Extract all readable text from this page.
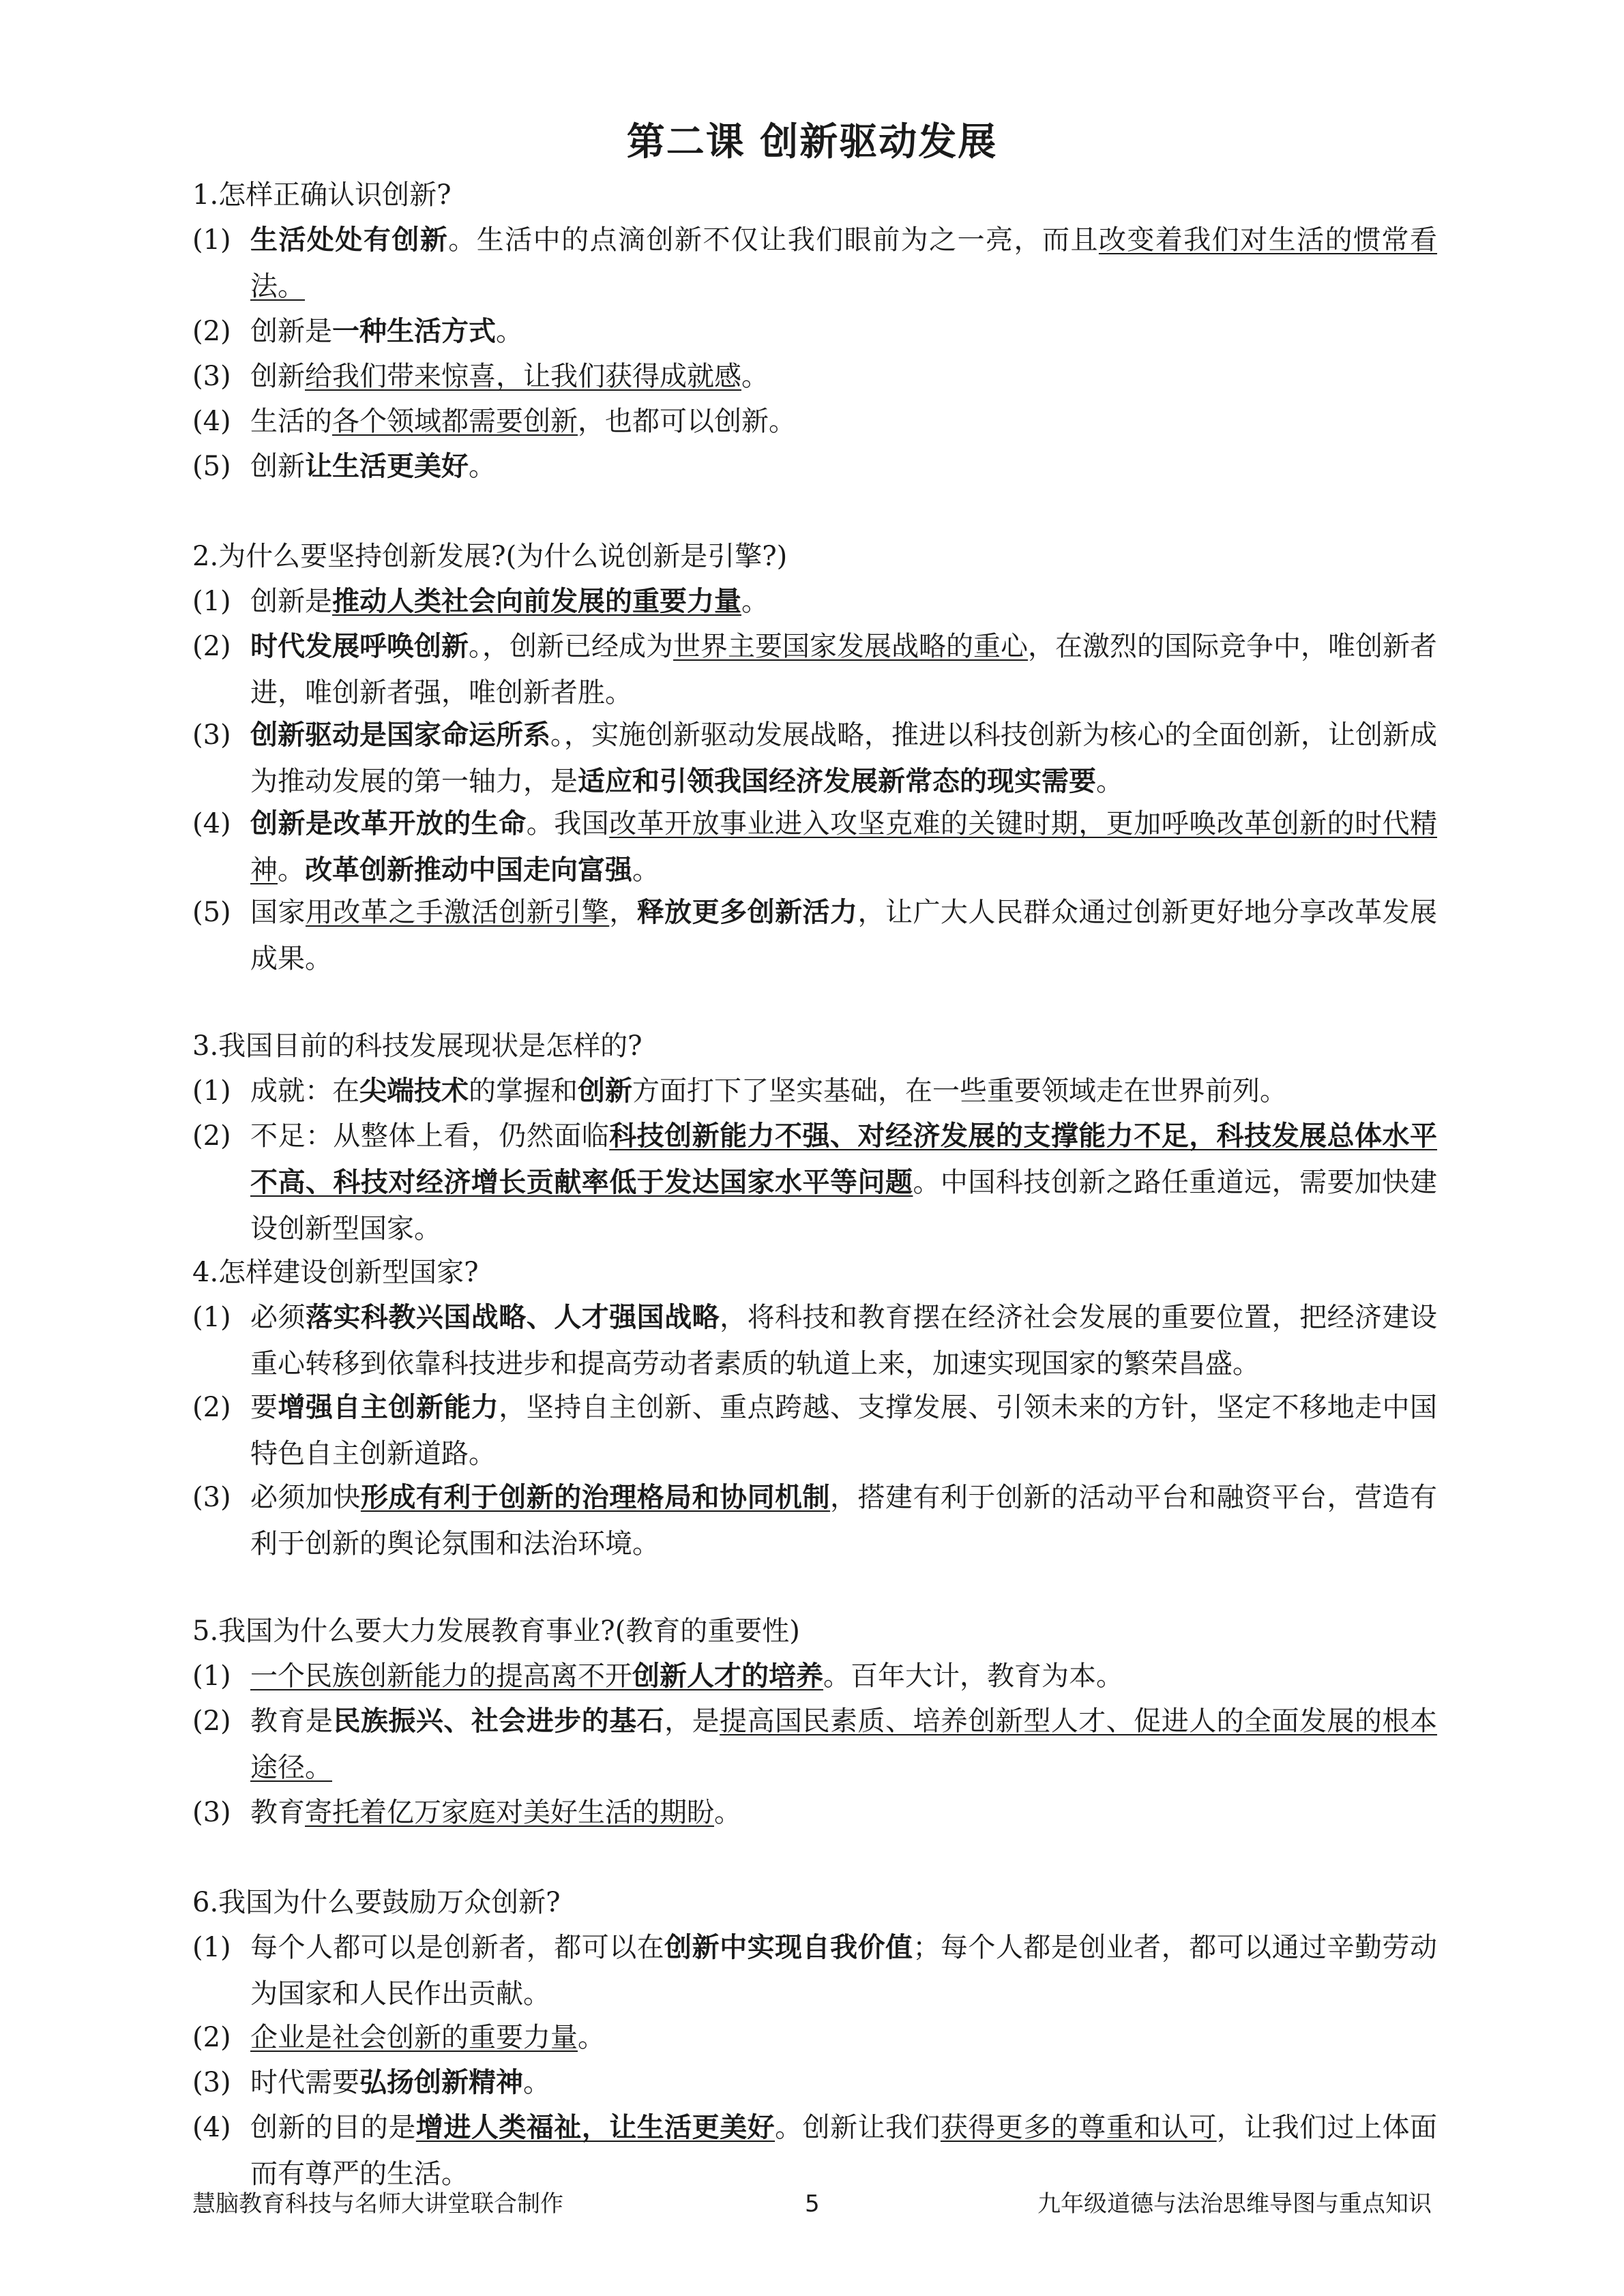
第二课 创新驱动发展
1.怎样正确认识创新?
(1) 生活处处有创新。生活中的点滴创新不仅让我们眼前为之一亮，而且改变着我们对生活的惯常看法。
(2) 创新是一种生活方式。
(3) 创新给我们带来惊喜，让我们获得成就感。
(4) 生活的各个领域都需要创新，也都可以创新。
(5) 创新让生活更美好。
2.为什么要坚持创新发展?(为什么说创新是引擎?)
(1) 创新是推动人类社会向前发展的重要力量。
(2) 时代发展呼唤创新。，创新已经成为世界主要国家发展战略的重心，在激烈的国际竞争中，唯创新者进，唯创新者强，唯创新者胜。
(3) 创新驱动是国家命运所系。，实施创新驱动发展战略，推进以科技创新为核心的全面创新，让创新成为推动发展的第一轴力，是适应和引领我国经济发展新常态的现实需要。
(4) 创新是改革开放的生命。我国改革开放事业进入攻坚克难的关键时期，更加呼唤改革创新的时代精神。改革创新推动中国走向富强。
(5) 国家用改革之手激活创新引擎，释放更多创新活力，让广大人民群众通过创新更好地分享改革发展成果。
3.我国目前的科技发展现状是怎样的?
(1) 成就：在尖端技术的掌握和创新方面打下了坚实基础，在一些重要领域走在世界前列。
(2) 不足：从整体上看，仍然面临科技创新能力不强、对经济发展的支撑能力不足，科技发展总体水平不高、科技对经济增长贡献率低于发达国家水平等问题。中国科技创新之路任重道远，需要加快建设创新型国家。
4.怎样建设创新型国家?
(1) 必须落实科教兴国战略、人才强国战略，将科技和教育摆在经济社会发展的重要位置，把经济建设重心转移到依靠科技进步和提高劳动者素质的轨道上来，加速实现国家的繁荣昌盛。
(2) 要增强自主创新能力，坚持自主创新、重点跨越、支撑发展、引领未来的方针，坚定不移地走中国特色自主创新道路。
(3) 必须加快形成有利于创新的治理格局和协同机制，搭建有利于创新的活动平台和融资平台，营造有利于创新的舆论氛围和法治环境。
5.我国为什么要大力发展教育事业?(教育的重要性)
(1) 一个民族创新能力的提高离不开创新人才的培养。百年大计，教育为本。
(2) 教育是民族振兴、社会进步的基石，是提高国民素质、培养创新型人才、促进人的全面发展的根本途径。
(3) 教育寄托着亿万家庭对美好生活的期盼。
6.我国为什么要鼓励万众创新?
(1) 每个人都可以是创新者，都可以在创新中实现自我价值；每个人都是创业者，都可以通过辛勤劳动为国家和人民作出贡献。
(2) 企业是社会创新的重要力量。
(3) 时代需要弘扬创新精神。
(4) 创新的目的是增进人类福祉，让生活更美好。创新让我们获得更多的尊重和认可，让我们过上体面而有尊严的生活。
慧脑教育科技与名师大讲堂联合制作	5	九年级道德与法治思维导图与重点知识
